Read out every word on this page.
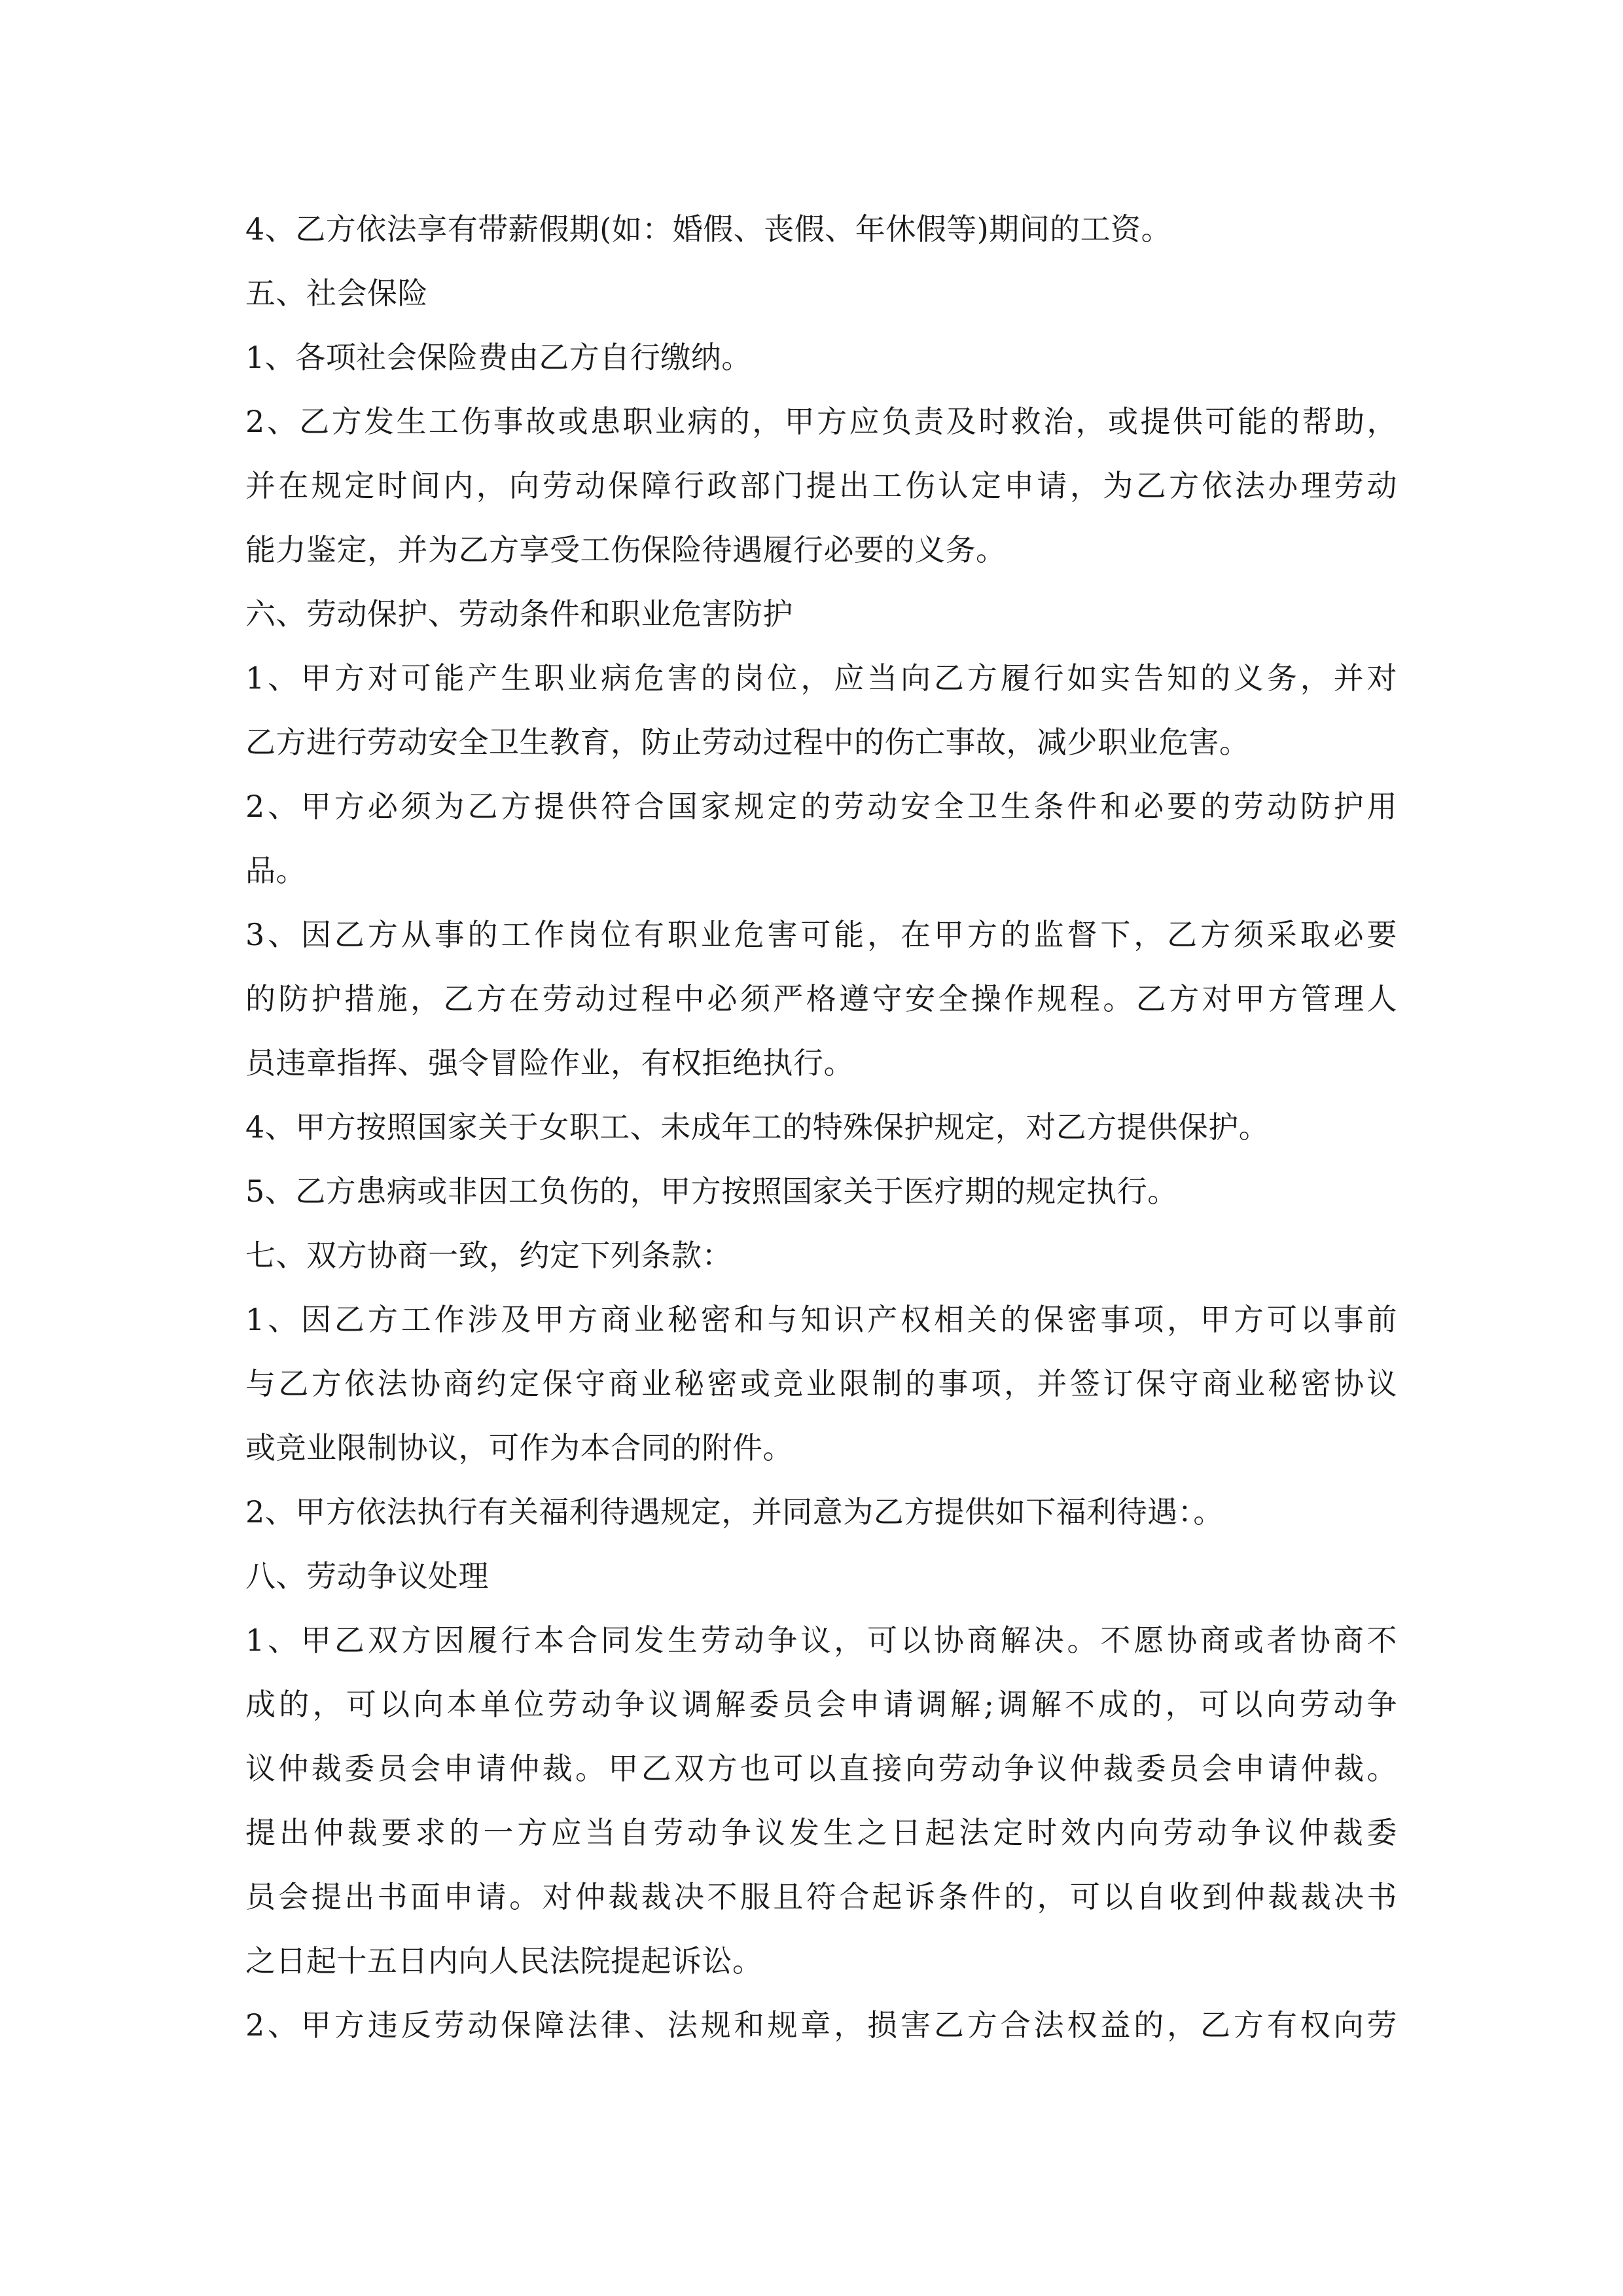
4、乙方依法享有带薪假期(如：婚假、丧假、年休假等)期间的工资。
五、社会保险
1、各项社会保险费由乙方自行缴纳。
2、乙方发生工伤事故或患职业病的，甲方应负责及时救治，或提供可能的帮助，
并在规定时间内，向劳动保障行政部门提出工伤认定申请，为乙方依法办理劳动
能力鉴定，并为乙方享受工伤保险待遇履行必要的义务。
六、劳动保护、劳动条件和职业危害防护
1、甲方对可能产生职业病危害的岗位，应当向乙方履行如实告知的义务，并对
乙方进行劳动安全卫生教育，防止劳动过程中的伤亡事故，减少职业危害。
2、甲方必须为乙方提供符合国家规定的劳动安全卫生条件和必要的劳动防护用
品。
3、因乙方从事的工作岗位有职业危害可能，在甲方的监督下，乙方须采取必要
的防护措施，乙方在劳动过程中必须严格遵守安全操作规程。乙方对甲方管理人
员违章指挥、强令冒险作业，有权拒绝执行。
4、甲方按照国家关于女职工、未成年工的特殊保护规定，对乙方提供保护。
5、乙方患病或非因工负伤的，甲方按照国家关于医疗期的规定执行。
七、双方协商一致，约定下列条款：
1、因乙方工作涉及甲方商业秘密和与知识产权相关的保密事项，甲方可以事前
与乙方依法协商约定保守商业秘密或竞业限制的事项，并签订保守商业秘密协议
或竞业限制协议，可作为本合同的附件。
2、甲方依法执行有关福利待遇规定，并同意为乙方提供如下福利待遇：。
八、劳动争议处理
1、甲乙双方因履行本合同发生劳动争议，可以协商解决。不愿协商或者协商不
成的，可以向本单位劳动争议调解委员会申请调解;调解不成的，可以向劳动争
议仲裁委员会申请仲裁。甲乙双方也可以直接向劳动争议仲裁委员会申请仲裁。
提出仲裁要求的一方应当自劳动争议发生之日起法定时效内向劳动争议仲裁委
员会提出书面申请。对仲裁裁决不服且符合起诉条件的，可以自收到仲裁裁决书
之日起十五日内向人民法院提起诉讼。
2、甲方违反劳动保障法律、法规和规章，损害乙方合法权益的，乙方有权向劳
